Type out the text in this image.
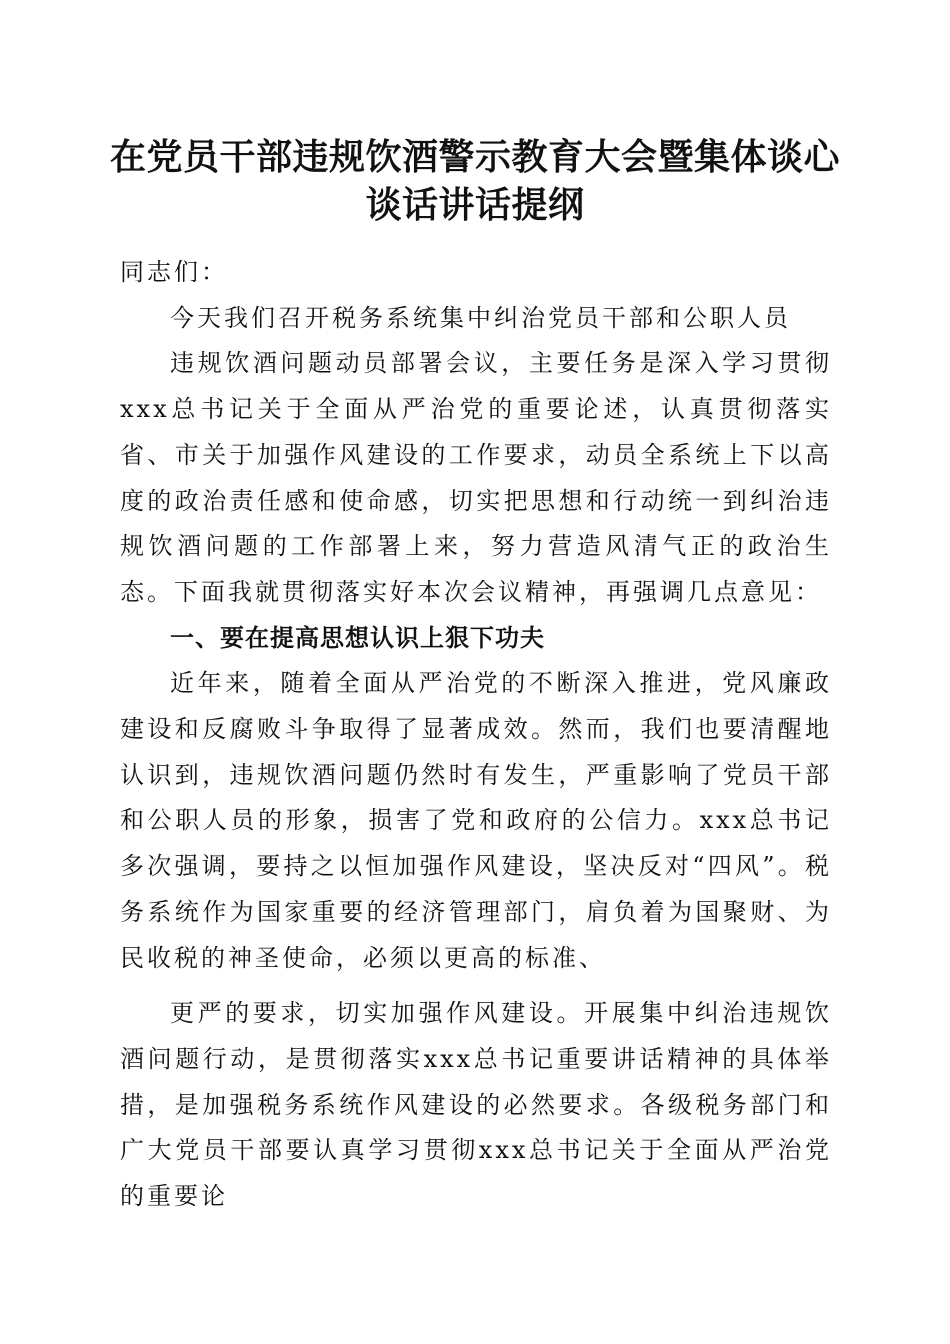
在党员干部违规饮酒警示教育大会暨集体谈心
谈话讲话提纲

同志们：

今天我们召开税务系统集中纠治党员干部和公职人员

违规饮酒问题动员部署会议，主要任务是深入学习贯彻xxx总书记关于全面从严治党的重要论述，认真贯彻落实省、市关于加强作风建设的工作要求，动员全系统上下以高度的政治责任感和使命感，切实把思想和行动统一到纠治违规饮酒问题的工作部署上来，努力营造风清气正的政治生态。下面我就贯彻落实好本次会议精神，再强调几点意见：

一、要在提高思想认识上狠下功夫

近年来，随着全面从严治党的不断深入推进，党风廉政建设和反腐败斗争取得了显著成效。然而，我们也要清醒地认识到，违规饮酒问题仍然时有发生，严重影响了党员干部和公职人员的形象，损害了党和政府的公信力。xxx总书记多次强调，要持之以恒加强作风建设，坚决反对“四风”。税务系统作为国家重要的经济管理部门，肩负着为国聚财、为民收税的神圣使命，必须以更高的标准、

更严的要求，切实加强作风建设。开展集中纠治违规饮酒问题行动，是贯彻落实xxx总书记重要讲话精神的具体举措，是加强税务系统作风建设的必然要求。各级税务部门和广大党员干部要认真学习贯彻xxx总书记关于全面从严治党的重要论
